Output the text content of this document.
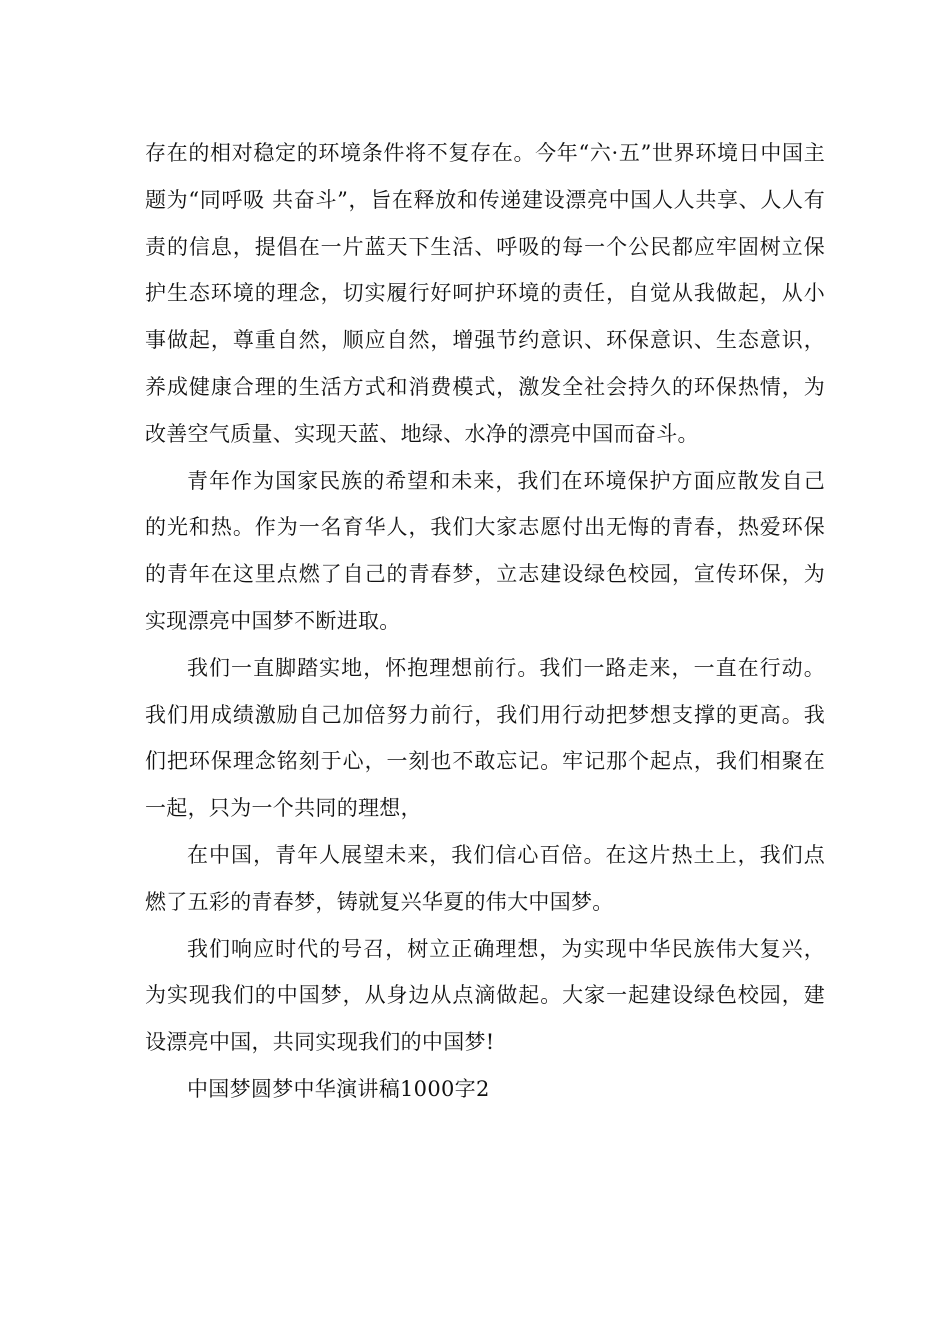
存在的相对稳定的环境条件将不复存在。今年“六·五”世界环境日中国主题为“同呼吸 共奋斗”，旨在释放和传递建设漂亮中国人人共享、人人有责的信息，提倡在一片蓝天下生活、呼吸的每一个公民都应牢固树立保护生态环境的理念，切实履行好呵护环境的责任，自觉从我做起，从小事做起，尊重自然，顺应自然，增强节约意识、环保意识、生态意识，养成健康合理的生活方式和消费模式，激发全社会持久的环保热情，为改善空气质量、实现天蓝、地绿、水净的漂亮中国而奋斗。

青年作为国家民族的希望和未来，我们在环境保护方面应散发自己的光和热。作为一名育华人，我们大家志愿付出无悔的青春，热爱环保的青年在这里点燃了自己的青春梦，立志建设绿色校园，宣传环保，为实现漂亮中国梦不断进取。

我们一直脚踏实地，怀抱理想前行。我们一路走来，一直在行动。我们用成绩激励自己加倍努力前行，我们用行动把梦想支撑的更高。我们把环保理念铭刻于心，一刻也不敢忘记。牢记那个起点，我们相聚在一起，只为一个共同的理想，

在中国，青年人展望未来，我们信心百倍。在这片热土上，我们点燃了五彩的青春梦，铸就复兴华夏的伟大中国梦。

我们响应时代的号召，树立正确理想，为实现中华民族伟大复兴，为实现我们的中国梦，从身边从点滴做起。大家一起建设绿色校园，建设漂亮中国，共同实现我们的中国梦!

中国梦圆梦中华演讲稿1000字2
